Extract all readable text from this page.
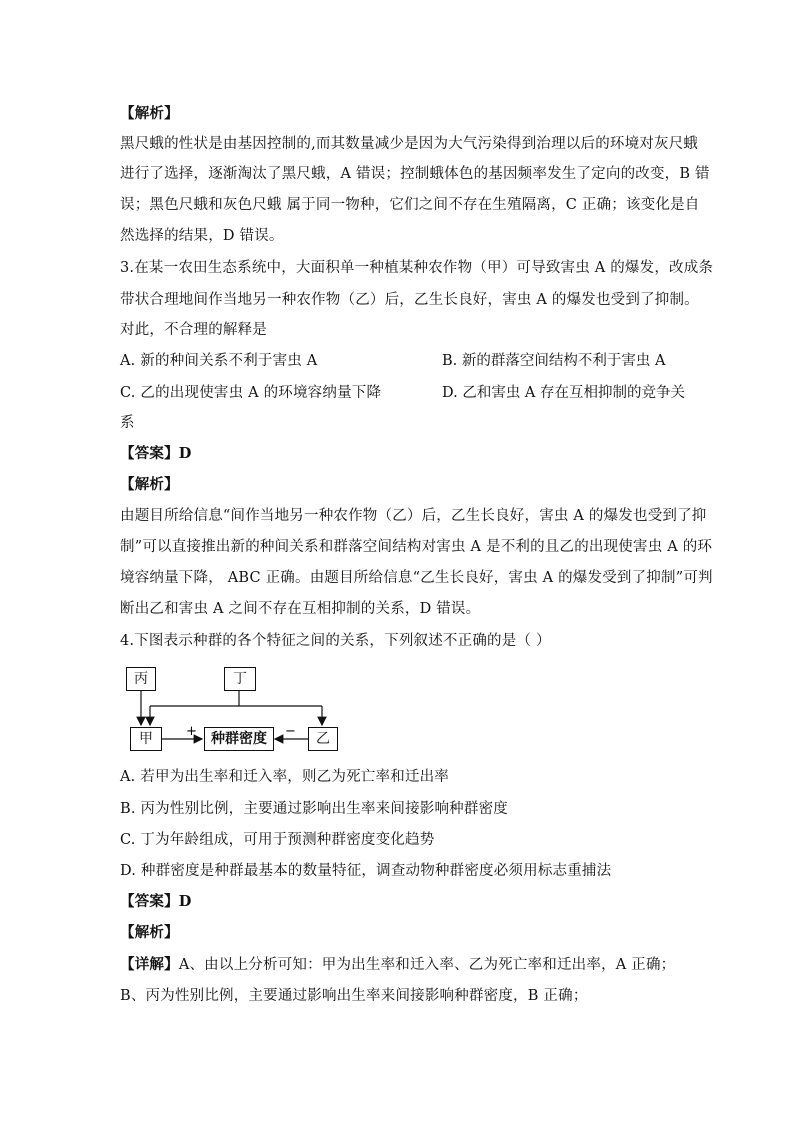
【解析】
黑尺蛾的性状是由基因控制的,而其数量减少是因为大气污染得到治理以后的环境对灰尺蛾
进行了选择，逐渐淘汰了黑尺蛾，A 错误；控制蛾体色的基因频率发生了定向的改变，B 错
误；黑色尺蛾和灰色尺蛾 属于同一物种，它们之间不存在生殖隔离，C 正确；该变化是自
然选择的结果，D 错误。
3.在某一农田生态系统中，大面积单一种植某种农作物（甲）可导致害虫 A 的爆发，改成条
带状合理地间作当地另一种农作物（乙）后，乙生长良好，害虫 A 的爆发也受到了抑制。
对此，不合理的解释是
A. 新的种间关系不利于害虫 A	B. 新的群落空间结构不利于害虫 A
C. 乙的出现使害虫 A 的环境容纳量下降	D. 乙和害虫 A 存在互相抑制的竞争关
系
【答案】D
【解析】
由题目所给信息“间作当地另一种农作物（乙）后，乙生长良好，害虫 A 的爆发也受到了抑
制”可以直接推出新的种间关系和群落空间结构对害虫 A 是不利的且乙的出现使害虫 A 的环
境容纳量下降， ABC 正确。由题目所给信息“乙生长良好，害虫 A 的爆发受到了抑制”可判
断出乙和害虫 A 之间不存在互相抑制的关系，D 错误。
4.下图表示种群的各个特征之间的关系，下列叙述不正确的是（ ）
+	−
丙	丁
甲	种群密度	乙
A. 若甲为出生率和迁入率，则乙为死亡率和迁出率
B. 丙为性别比例，主要通过影响出生率来间接影响种群密度
C. 丁为年龄组成，可用于预测种群密度变化趋势
D. 种群密度是种群最基本的数量特征，调查动物种群密度必须用标志重捕法
【答案】D
【解析】
【详解】A、由以上分析可知：甲为出生率和迁入率、乙为死亡率和迁出率，A 正确；
B、丙为性别比例，主要通过影响出生率来间接影响种群密度，B 正确；
